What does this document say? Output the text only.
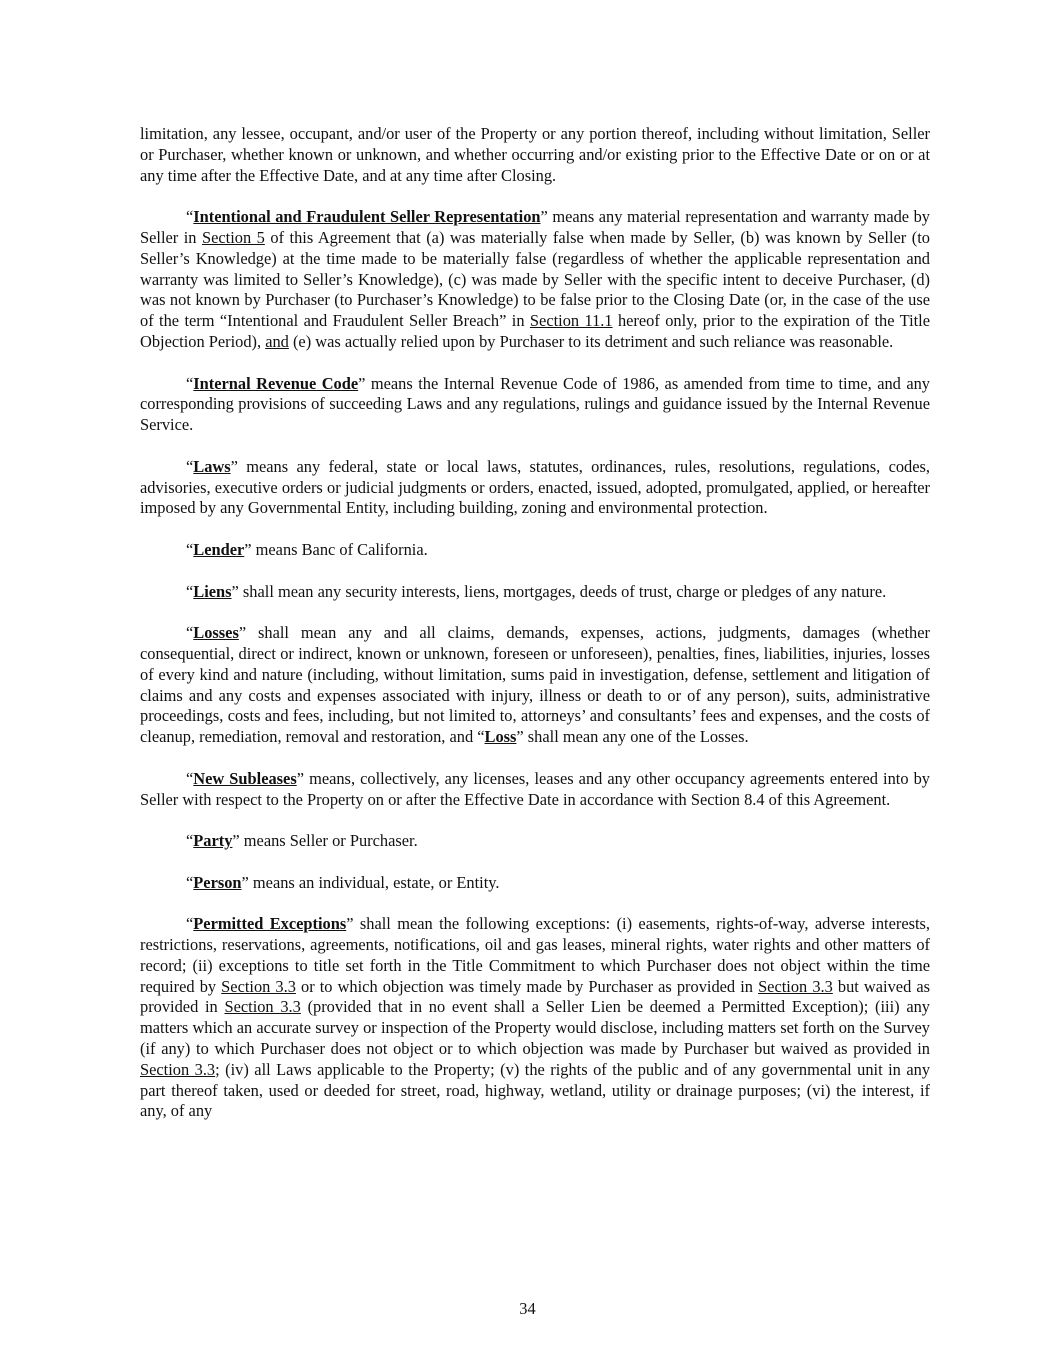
limitation, any lessee, occupant, and/or user of the Property or any portion thereof, including without limitation, Seller or Purchaser, whether known or unknown, and whether occurring and/or existing prior to the Effective Date or on or at any time after the Effective Date, and at any time after Closing.

“Intentional and Fraudulent Seller Representation” means any material representation and warranty made by Seller in Section 5 of this Agreement that (a) was materially false when made by Seller, (b) was known by Seller (to Seller’s Knowledge) at the time made to be materially false (regardless of whether the applicable representation and warranty was limited to Seller’s Knowledge), (c) was made by Seller with the specific intent to deceive Purchaser, (d) was not known by Purchaser (to Purchaser’s Knowledge) to be false prior to the Closing Date (or, in the case of the use of the term “Intentional and Fraudulent Seller Breach” in Section 11.1 hereof only, prior to the expiration of the Title Objection Period), and (e) was actually relied upon by Purchaser to its detriment and such reliance was reasonable.

“Internal Revenue Code” means the Internal Revenue Code of 1986, as amended from time to time, and any corresponding provisions of succeeding Laws and any regulations, rulings and guidance issued by the Internal Revenue Service.

“Laws” means any federal, state or local laws, statutes, ordinances, rules, resolutions, regulations, codes, advisories, executive orders or judicial judgments or orders, enacted, issued, adopted, promulgated, applied, or hereafter imposed by any Governmental Entity, including building, zoning and environmental protection.

“Lender” means Banc of California.

“Liens” shall mean any security interests, liens, mortgages, deeds of trust, charge or pledges of any nature.

“Losses” shall mean any and all claims, demands, expenses, actions, judgments, damages (whether consequential, direct or indirect, known or unknown, foreseen or unforeseen), penalties, fines, liabilities, injuries, losses of every kind and nature (including, without limitation, sums paid in investigation, defense, settlement and litigation of claims and any costs and expenses associated with injury, illness or death to or of any person), suits, administrative proceedings, costs and fees, including, but not limited to, attorneys’ and consultants’ fees and expenses, and the costs of cleanup, remediation, removal and restoration, and “Loss” shall mean any one of the Losses.

“New Subleases” means, collectively, any licenses, leases and any other occupancy agreements entered into by Seller with respect to the Property on or after the Effective Date in accordance with Section 8.4 of this Agreement.

“Party” means Seller or Purchaser.

“Person” means an individual, estate, or Entity.

“Permitted Exceptions” shall mean the following exceptions: (i) easements, rights-of-way, adverse interests, restrictions, reservations, agreements, notifications, oil and gas leases, mineral rights, water rights and other matters of record; (ii) exceptions to title set forth in the Title Commitment to which Purchaser does not object within the time required by Section 3.3 or to which objection was timely made by Purchaser as provided in Section 3.3 but waived as provided in Section 3.3 (provided that in no event shall a Seller Lien be deemed a Permitted Exception); (iii) any matters which an accurate survey or inspection of the Property would disclose, including matters set forth on the Survey (if any) to which Purchaser does not object or to which objection was made by Purchaser but waived as provided in Section 3.3; (iv) all Laws applicable to the Property; (v) the rights of the public and of any governmental unit in any part thereof taken, used or deeded for street, road, highway, wetland, utility or drainage purposes; (vi) the interest, if any, of any

34
